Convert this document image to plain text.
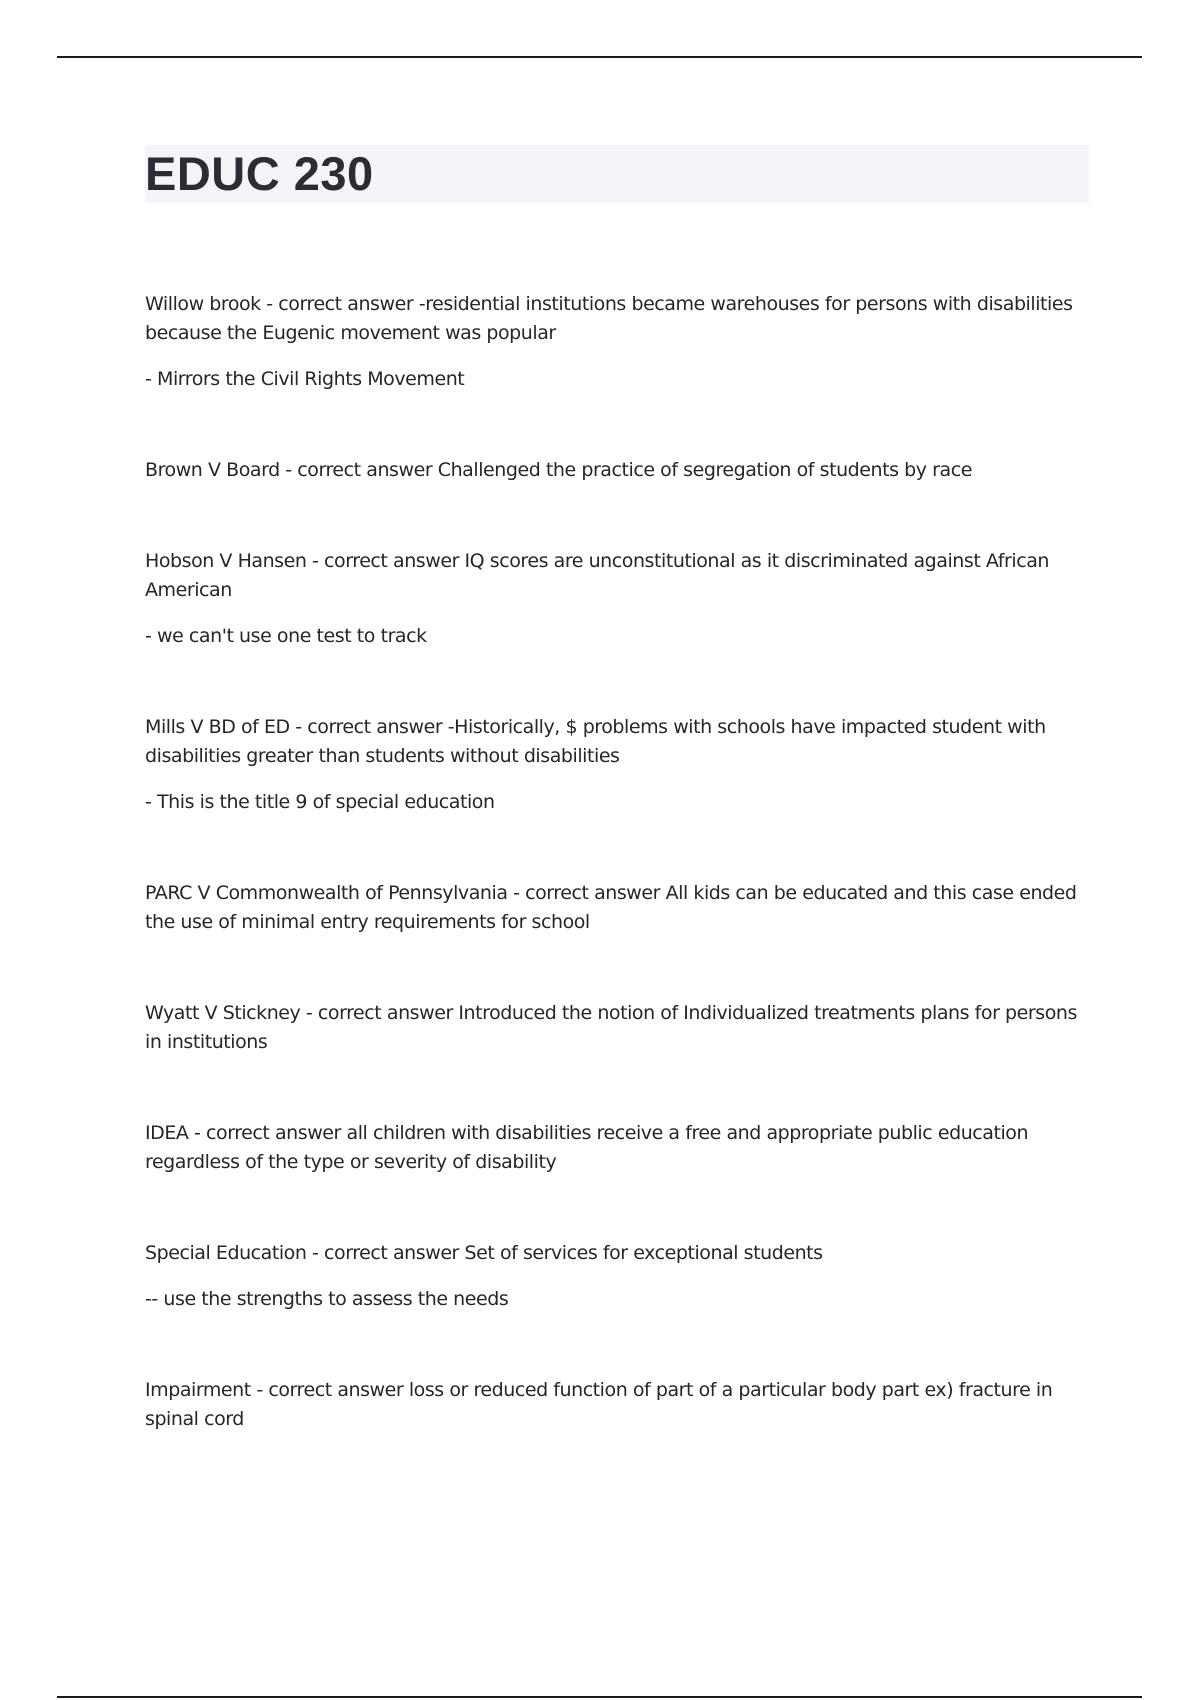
EDUC 230

Willow brook - correct answer -residential institutions became warehouses for persons with disabilities because the Eugenic movement was popular

- Mirrors the Civil Rights Movement

Brown V Board - correct answer Challenged the practice of segregation of students by race

Hobson V Hansen - correct answer IQ scores are unconstitutional as it discriminated against African American

- we can't use one test to track

Mills V BD of ED - correct answer -Historically, $ problems with schools have impacted student with disabilities greater than students without disabilities

- This is the title 9 of special education

PARC V Commonwealth of Pennsylvania - correct answer All kids can be educated and this case ended the use of minimal entry requirements for school

Wyatt V Stickney - correct answer Introduced the notion of Individualized treatments plans for persons in institutions

IDEA - correct answer all children with disabilities receive a free and appropriate public education regardless of the type or severity of disability

Special Education - correct answer Set of services for exceptional students

-- use the strengths to assess the needs

Impairment - correct answer loss or reduced function of part of a particular body part ex) fracture in spinal cord
